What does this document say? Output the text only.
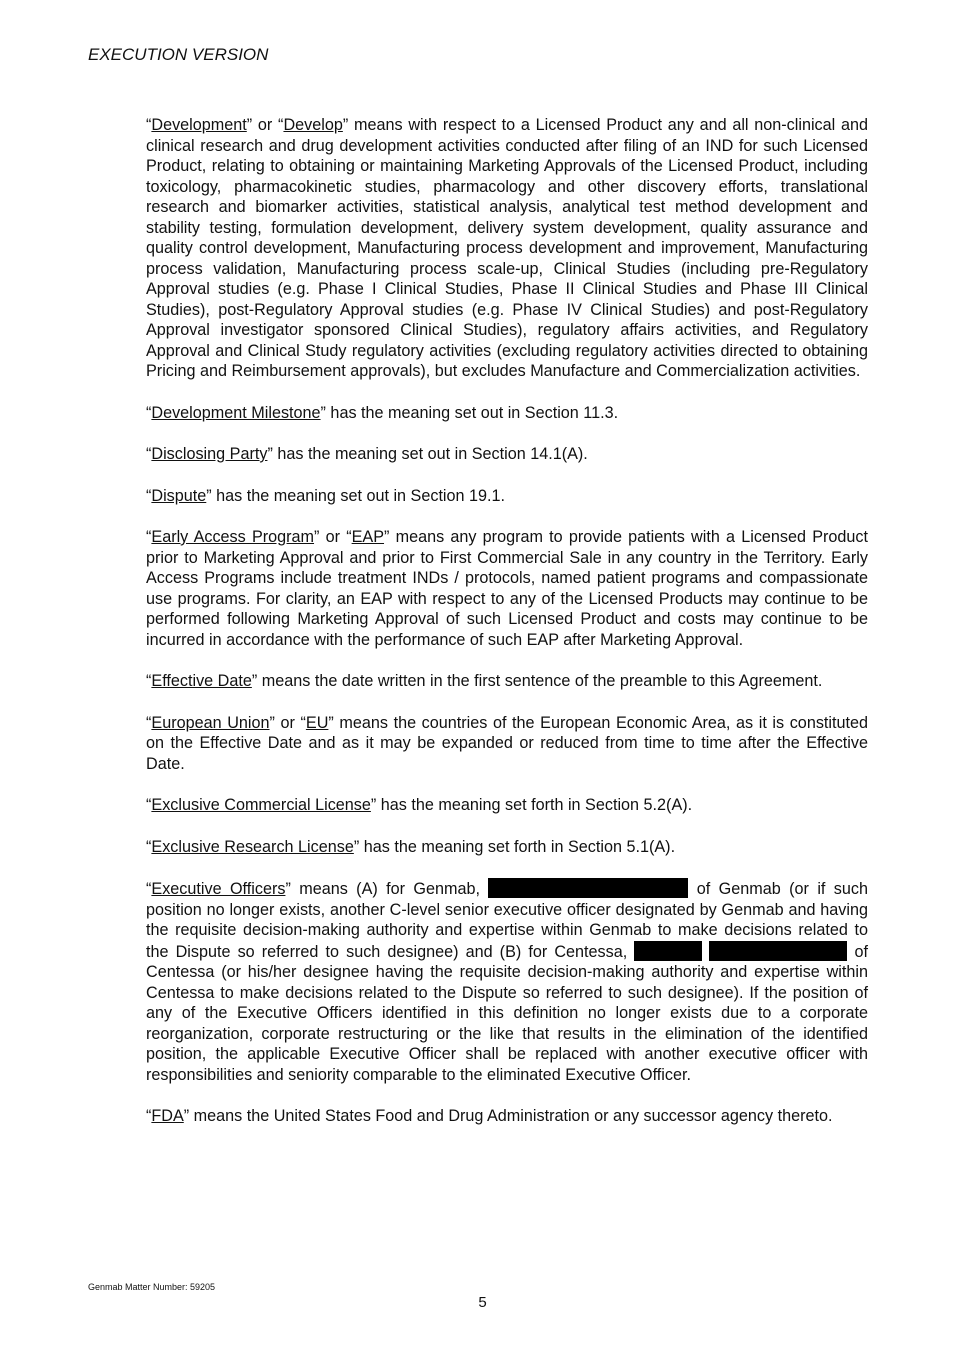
EXECUTION VERSION

“Development” or “Develop” means with respect to a Licensed Product any and all non-clinical and clinical research and drug development activities conducted after filing of an IND for such Licensed Product, relating to obtaining or maintaining Marketing Approvals of the Licensed Product, including toxicology, pharmacokinetic studies, pharmacology and other discovery efforts, translational research and biomarker activities, statistical analysis, analytical test method development and stability testing, formulation development, delivery system development, quality assurance and quality control development, Manufacturing process development and improvement, Manufacturing process validation, Manufacturing process scale-up, Clinical Studies (including pre-Regulatory Approval studies (e.g. Phase I Clinical Studies, Phase II Clinical Studies and Phase III Clinical Studies), post-Regulatory Approval studies (e.g. Phase IV Clinical Studies) and post-Regulatory Approval investigator sponsored Clinical Studies), regulatory affairs activities, and Regulatory Approval and Clinical Study regulatory activities (excluding regulatory activities directed to obtaining Pricing and Reimbursement approvals), but excludes Manufacture and Commercialization activities.

“Development Milestone” has the meaning set out in Section 11.3.

“Disclosing Party” has the meaning set out in Section 14.1(A).

“Dispute” has the meaning set out in Section 19.1.

“Early Access Program” or “EAP” means any program to provide patients with a Licensed Product prior to Marketing Approval and prior to First Commercial Sale in any country in the Territory. Early Access Programs include treatment INDs / protocols, named patient programs and compassionate use programs. For clarity, an EAP with respect to any of the Licensed Products may continue to be performed following Marketing Approval of such Licensed Product and costs may continue to be incurred in accordance with the performance of such EAP after Marketing Approval.

“Effective Date” means the date written in the first sentence of the preamble to this Agreement.

“European Union” or “EU” means the countries of the European Economic Area, as it is constituted on the Effective Date and as it may be expanded or reduced from time to time after the Effective Date.

“Exclusive Commercial License” has the meaning set forth in Section 5.2(A).

“Exclusive Research License” has the meaning set forth in Section 5.1(A).

“Executive Officers” means (A) for Genmab,	of Genmab (or if such position no longer exists, another C-level senior executive officer designated by Genmab and having the requisite decision-making authority and expertise within Genmab to make decisions related to the Dispute so referred to such designee) and (B) for Centessa,	of Centessa (or his/her designee having the requisite decision-making authority and expertise within Centessa to make decisions related to the Dispute so referred to such designee). If the position of any of the Executive Officers identified in this definition no longer exists due to a corporate reorganization, corporate restructuring or the like that results in the elimination of the identified position, the applicable Executive Officer shall be replaced with another executive officer with responsibilities and seniority comparable to the eliminated Executive Officer.

“FDA” means the United States Food and Drug Administration or any successor agency thereto.

Genmab Matter Number: 59205
5
